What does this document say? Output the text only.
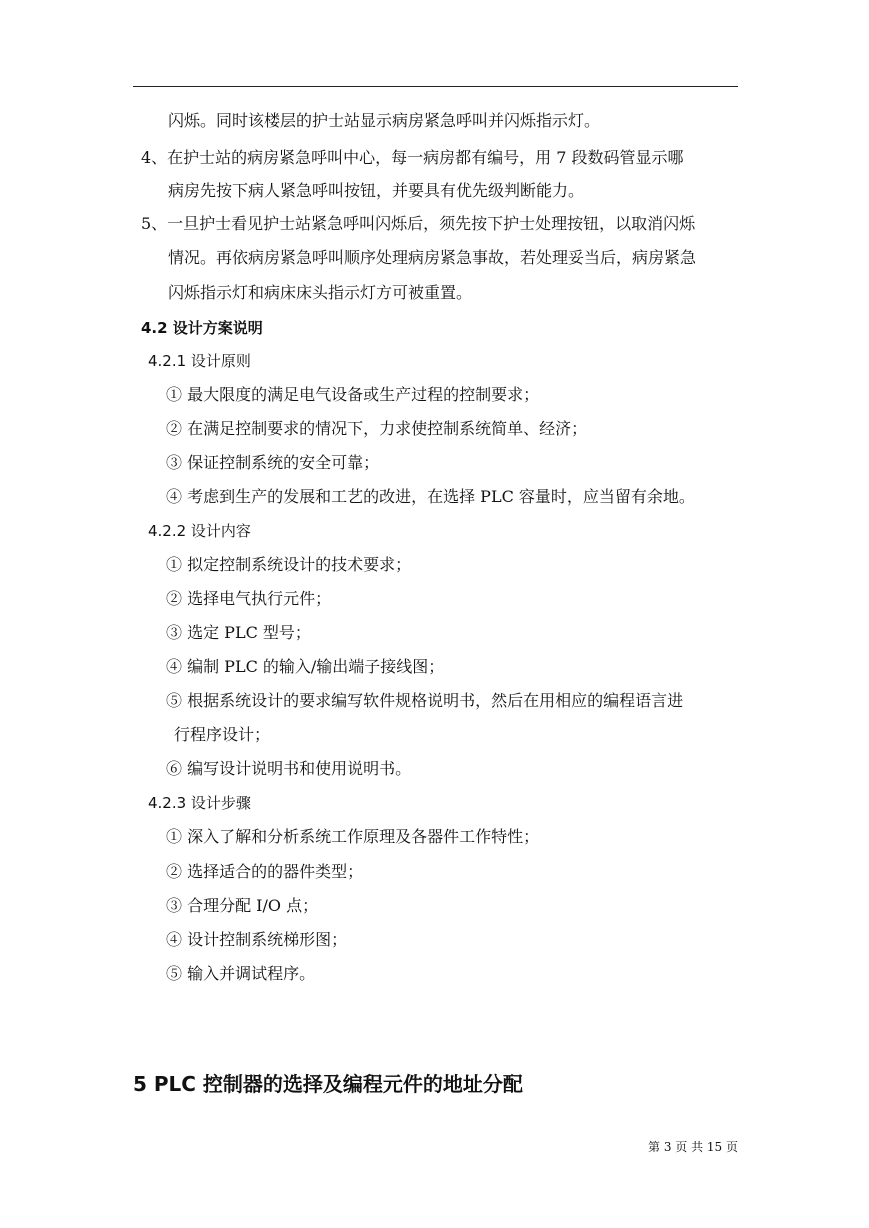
闪烁。同时该楼层的护士站显示病房紧急呼叫并闪烁指示灯。
4、在护士站的病房紧急呼叫中心，每一病房都有编号，用 7 段数码管显示哪
病房先按下病人紧急呼叫按钮，并要具有优先级判断能力。
5、一旦护士看见护士站紧急呼叫闪烁后，须先按下护士处理按钮，以取消闪烁
情况。再依病房紧急呼叫顺序处理病房紧急事故，若处理妥当后，病房紧急
闪烁指示灯和病床床头指示灯方可被重置。
4.2 设计方案说明
4.2.1 设计原则
① 最大限度的满足电气设备或生产过程的控制要求；
② 在满足控制要求的情况下，力求使控制系统简单、经济；
③ 保证控制系统的安全可靠；
④ 考虑到生产的发展和工艺的改进，在选择 PLC 容量时，应当留有余地。
4.2.2 设计内容
① 拟定控制系统设计的技术要求；
② 选择电气执行元件；
③ 选定 PLC 型号；
④ 编制 PLC 的输入/输出端子接线图；
⑤ 根据系统设计的要求编写软件规格说明书，然后在用相应的编程语言进
行程序设计；
⑥ 编写设计说明书和使用说明书。
4.2.3 设计步骤
① 深入了解和分析系统工作原理及各器件工作特性；
② 选择适合的的器件类型；
③ 合理分配 I/O 点；
④ 设计控制系统梯形图；
⑤ 输入并调试程序。
5 PLC 控制器的选择及编程元件的地址分配
第 3 页 共 15 页
